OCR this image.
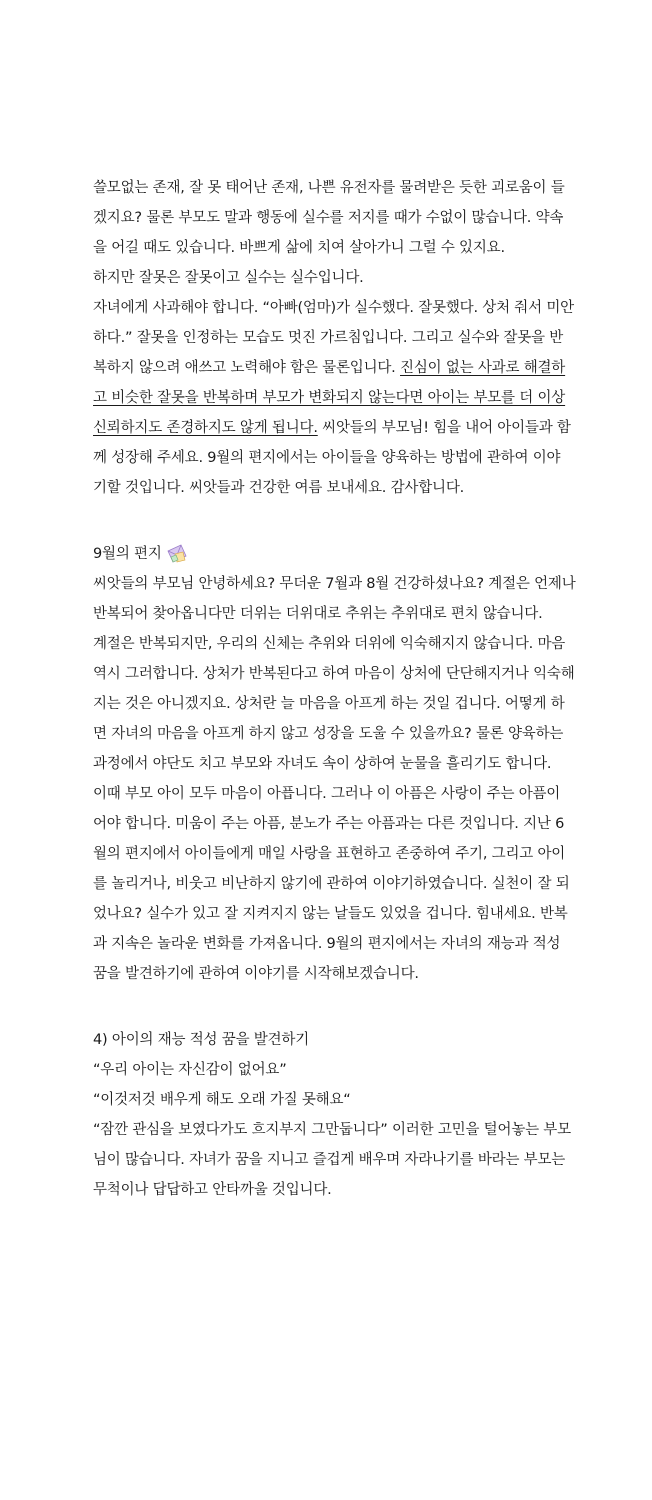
쓸모없는 존재, 잘 못 태어난 존재, 나쁜 유전자를 물려받은 듯한 괴로움이 들
겠지요? 물론 부모도 말과 행동에 실수를 저지를 때가 수없이 많습니다. 약속
을 어길 때도 있습니다. 바쁘게 삶에 치여 살아가니 그럴 수 있지요.
하지만 잘못은 잘못이고 실수는 실수입니다.
자녀에게 사과해야 합니다. “아빠(엄마)가 실수했다. 잘못했다. 상처 줘서 미안
하다.” 잘못을 인정하는 모습도 멋진 가르침입니다. 그리고 실수와 잘못을 반
복하지 않으려 애쓰고 노력해야 함은 물론입니다. 진심이 없는 사과로 해결하
고 비슷한 잘못을 반복하며 부모가 변화되지 않는다면 아이는 부모를 더 이상
신뢰하지도 존경하지도 않게 됩니다. 씨앗들의 부모님! 힘을 내어 아이들과 함
께 성장해 주세요. 9월의 편지에서는 아이들을 양육하는 방법에 관하여 이야
기할 것입니다. 씨앗들과 건강한 여름 보내세요. 감사합니다.
9월의 편지
씨앗들의 부모님 안녕하세요? 무더운 7월과 8월 건강하셨나요? 계절은 언제나
반복되어 찾아옵니다만 더위는 더위대로 추위는 추위대로 편치 않습니다.
계절은 반복되지만, 우리의 신체는 추위와 더위에 익숙해지지 않습니다. 마음
역시 그러합니다. 상처가 반복된다고 하여 마음이 상처에 단단해지거나 익숙해
지는 것은 아니겠지요. 상처란 늘 마음을 아프게 하는 것일 겁니다. 어떻게 하
면 자녀의 마음을 아프게 하지 않고 성장을 도울 수 있을까요? 물론 양육하는
과정에서 야단도 치고 부모와 자녀도 속이 상하여 눈물을 흘리기도 합니다.
이때 부모 아이 모두 마음이 아픕니다. 그러나 이 아픔은 사랑이 주는 아픔이
어야 합니다. 미움이 주는 아픔, 분노가 주는 아픔과는 다른 것입니다. 지난 6
월의 편지에서 아이들에게 매일 사랑을 표현하고 존중하여 주기, 그리고 아이
를 놀리거나, 비웃고 비난하지 않기에 관하여 이야기하였습니다. 실천이 잘 되
었나요? 실수가 있고 잘 지켜지지 않는 날들도 있었을 겁니다. 힘내세요. 반복
과 지속은 놀라운 변화를 가져옵니다. 9월의 편지에서는 자녀의 재능과 적성
꿈을 발견하기에 관하여 이야기를 시작해보겠습니다.
4) 아이의 재능 적성 꿈을 발견하기
“우리 아이는 자신감이 없어요”
“이것저것 배우게 해도 오래 가질 못해요“
“잠깐 관심을 보였다가도 흐지부지 그만둡니다” 이러한 고민을 털어놓는 부모
님이 많습니다. 자녀가 꿈을 지니고 즐겁게 배우며 자라나기를 바라는 부모는
무척이나 답답하고 안타까울 것입니다.
